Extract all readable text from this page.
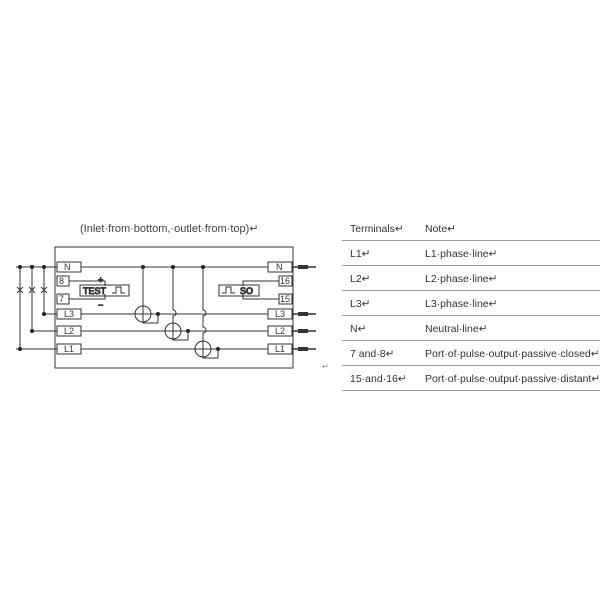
(Inlet·from·bottom,·outlet·from·top)↵
+
−
TEST	SO
N
8
7
L3
L2
L1
N
16
15
L3
L2
L1
↵
Terminals↵ Note↵
L1↵	L1·phase·line↵
L2↵	L2·phase·line↵
L3↵	L3·phase·line↵
N↵	Neutral·line↵
7 and·8↵	Port·of·pulse·output·passive·closed↵
15·and·16↵ Port·of·pulse·output·passive·distant↵
